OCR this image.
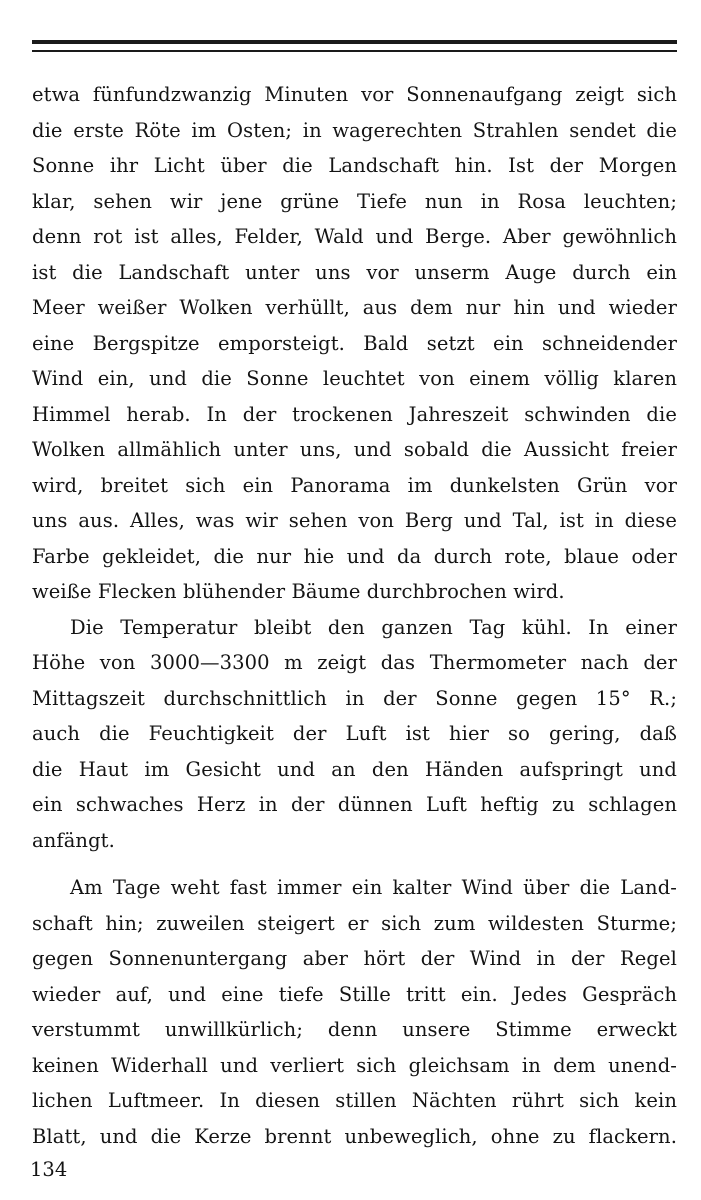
etwa fünfundzwanzig Minuten vor Sonnenaufgang zeigt sich
die erste Röte im Osten; in wagerechten Strahlen sendet die
Sonne ihr Licht über die Landschaft hin. Ist der Morgen
klar, sehen wir jene grüne Tiefe nun in Rosa leuchten;
denn rot ist alles, Felder, Wald und Berge. Aber gewöhnlich
ist die Landschaft unter uns vor unserm Auge durch ein
Meer weißer Wolken verhüllt, aus dem nur hin und wieder
eine Bergspitze emporsteigt. Bald setzt ein schneidender
Wind ein, und die Sonne leuchtet von einem völlig klaren
Himmel herab. In der trockenen Jahreszeit schwinden die
Wolken allmählich unter uns, und sobald die Aussicht freier
wird, breitet sich ein Panorama im dunkelsten Grün vor
uns aus. Alles, was wir sehen von Berg und Tal, ist in diese
Farbe gekleidet, die nur hie und da durch rote, blaue oder
weiße Flecken blühender Bäume durchbrochen wird.
Die Temperatur bleibt den ganzen Tag kühl. In einer
Höhe von 3000—3300 m zeigt das Thermometer nach der
Mittagszeit durchschnittlich in der Sonne gegen 15° R.;
auch die Feuchtigkeit der Luft ist hier so gering, daß
die Haut im Gesicht und an den Händen aufspringt und
ein schwaches Herz in der dünnen Luft heftig zu schlagen
anfängt.
Am Tage weht fast immer ein kalter Wind über die Land-
schaft hin; zuweilen steigert er sich zum wildesten Sturme;
gegen Sonnenuntergang aber hört der Wind in der Regel
wieder auf, und eine tiefe Stille tritt ein. Jedes Gespräch
verstummt unwillkürlich; denn unsere Stimme erweckt
keinen Widerhall und verliert sich gleichsam in dem unend-
lichen Luftmeer. In diesen stillen Nächten rührt sich kein
Blatt, und die Kerze brennt unbeweglich, ohne zu flackern.
134
